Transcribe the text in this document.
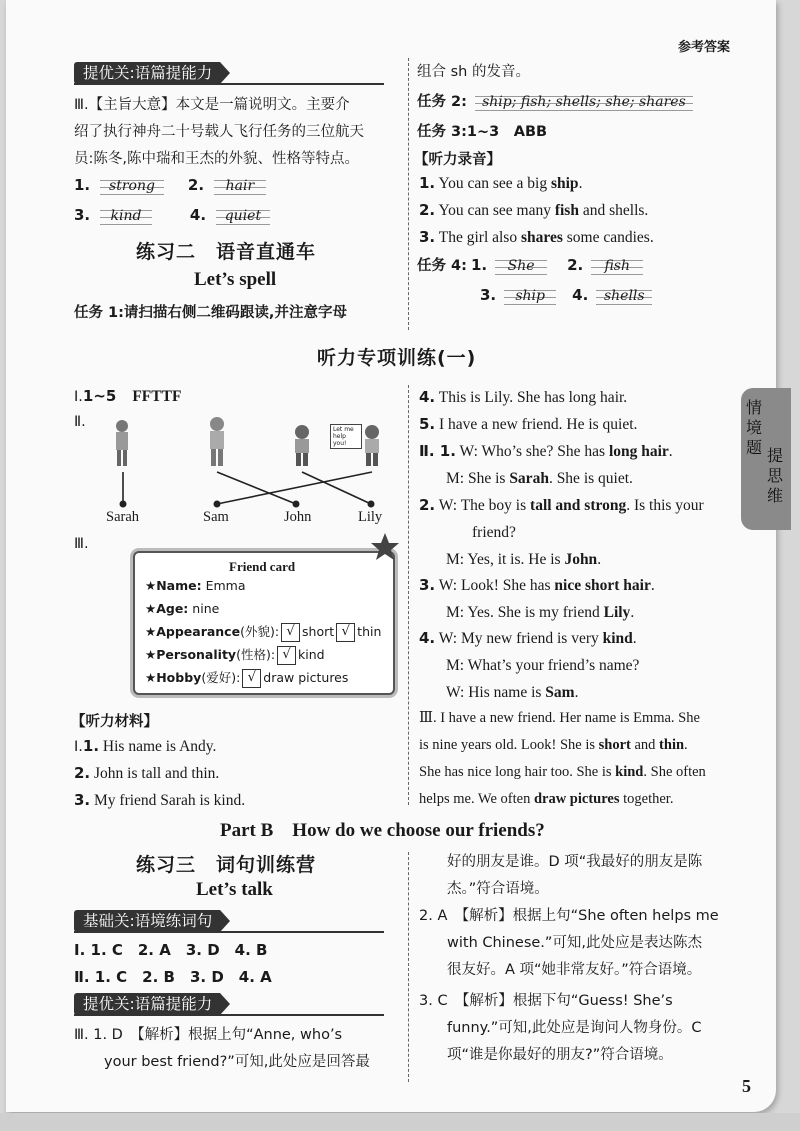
参考答案
情境题 提思维
提优关:语篇提能力
Ⅲ.【主旨大意】本文是一篇说明文。主要介
绍了执行神舟二十号载人飞行任务的三位航天
员:陈冬,陈中瑞和王杰的外貌、性格等特点。
1. strong 2. hair
3. kind	4. quiet
练习二　语音直通车
Let’s spell
任务 1:请扫描右侧二维码跟读,并注意字母
组合 sh 的发音。
任务 2: ship; fish; shells; she; shares
任务 3:1~3　ABB
【听力录音】
1. You can see a big ship.
2. You can see many fish and shells.
3. The girl also shares some candies.
任务 4: 1. She 2. fish
3. ship 4. shells
听力专项训练(一)
Ⅰ.1~5 FFTTF
Ⅱ.	Let me help you!
Sarah	Sam	John	Lily
Ⅲ.
Friend card
★Name: Emma
★Age: nine
★Appearance(外貌): √ short √ thin
★Personality(性格): √ kind
★Hobby(爱好): √ draw pictures
【听力材料】
Ⅰ.1. His name is Andy.
2. John is tall and thin.
3. My friend Sarah is kind.
4. This is Lily. She has long hair.
5. I have a new friend. He is quiet.
Ⅱ. 1. W: Who’s she? She has long hair.
M: She is Sarah. She is quiet.
2. W: The boy is tall and strong. Is this your
friend?
M: Yes, it is. He is John.
3. W: Look! She has nice short hair.
M: Yes. She is my friend Lily.
4. W: My new friend is very kind.
M: What’s your friend’s name?
W: His name is Sam.
Ⅲ. I have a new friend. Her name is Emma. She
is nine years old. Look! She is short and thin.
She has nice long hair too. She is kind. She often
helps me. We often draw pictures together.
Part B　How do we choose our friends?
练习三　词句训练营
Let’s talk
基础关:语境练词句
Ⅰ. 1. C　2. A　3. D　4. B
Ⅱ. 1. C　2. B　3. D　4. A
提优关:语篇提能力
Ⅲ. 1. D　【解析】根据上句“Anne, who’s
your best friend?”可知,此处应是回答最
好的朋友是谁。D 项“我最好的朋友是陈
杰。”符合语境。
2. A　【解析】根据上句“She often helps me
with Chinese.”可知,此处应是表达陈杰
很友好。A 项“她非常友好。”符合语境。
3. C　【解析】根据下句“Guess! She’s
funny.”可知,此处应是询问人物身份。C
项“谁是你最好的朋友?”符合语境。
5
